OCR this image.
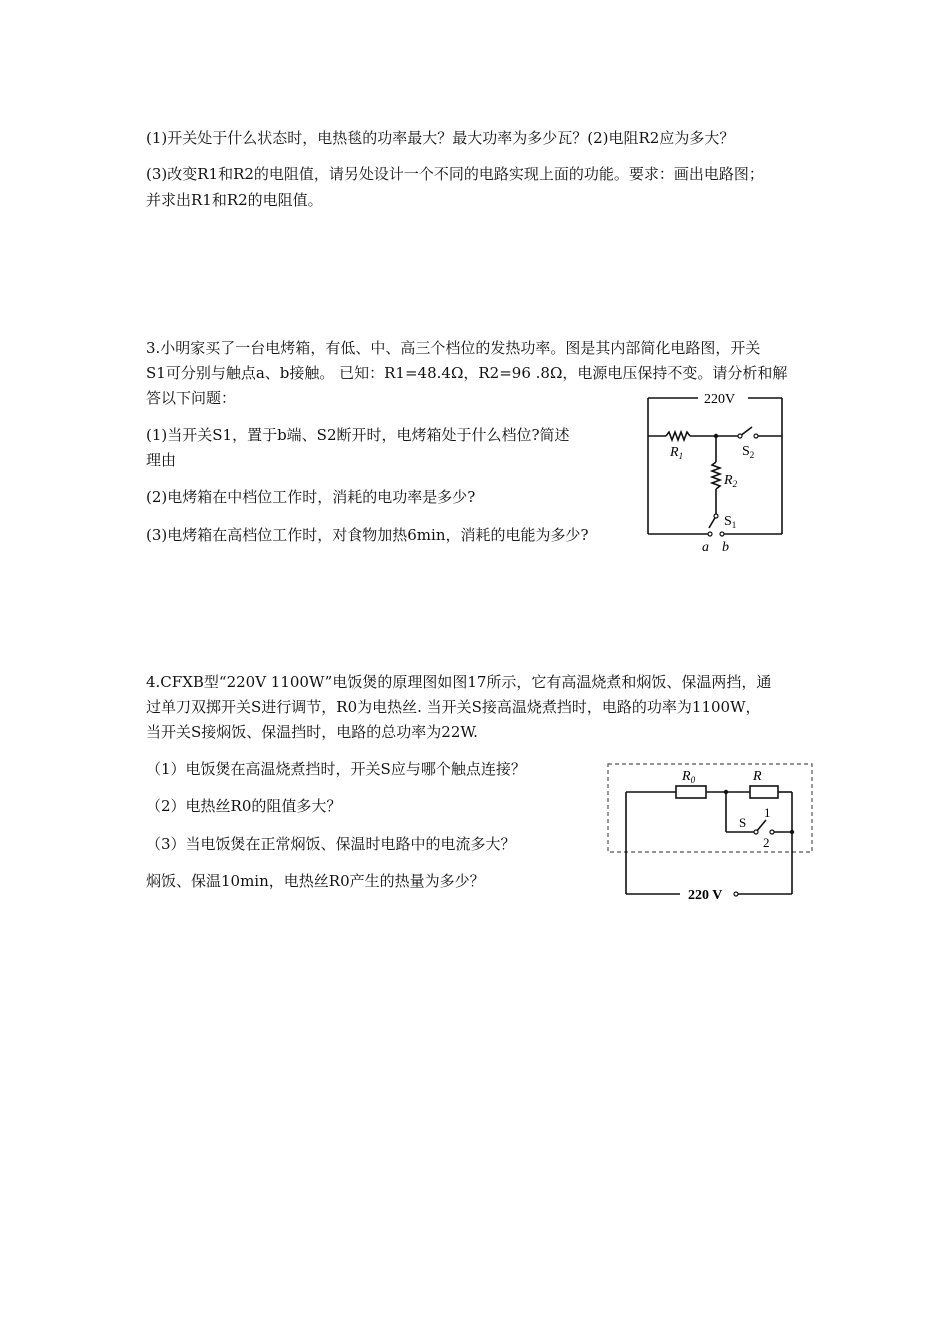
(1)开关处于什么状态时，电热毯的功率最大？最大功率为多少瓦？(2)电阻R2应为多大？
(3)改变R1和R2的电阻值，请另处设计一个不同的电路实现上面的功能。要求：画出电路图；
并求出R1和R2的电阻值。
3.小明家买了一台电烤箱，有低、中、高三个档位的发热功率。图是其内部简化电路图，开关
S1可分别与触点a、b接触。 已知：R1=48.4Ω，R2=96 .8Ω，电源电压保持不变。请分析和解
答以下问题：
(1)当开关S1，置于b端、S2断开时，电烤箱处于什么档位?简述
理由
(2)电烤箱在中档位工作时，消耗的电功率是多少?
(3)电烤箱在高档位工作时，对食物加热6min，消耗的电能为多少?
220V
$R_1$
$R_2$
$S_2$
$S_1$
a b
4.CFXB型“220V 1100W”电饭煲的原理图如图17所示，它有高温烧煮和焖饭、保温两挡，通
过单刀双掷开关S进行调节，R0为电热丝. 当开关S接高温烧煮挡时，电路的功率为1100W，
当开关S接焖饭、保温挡时，电路的总功率为22W.
（1）电饭煲在高温烧煮挡时，开关S应与哪个触点连接？
（2）电热丝R0的阻值多大？
（3）当电饭煲在正常焖饭、保温时电路中的电流多大？
焖饭、保温10min，电热丝R0产生的热量为多少？
$R_0$	R
S
1
2
220 V
